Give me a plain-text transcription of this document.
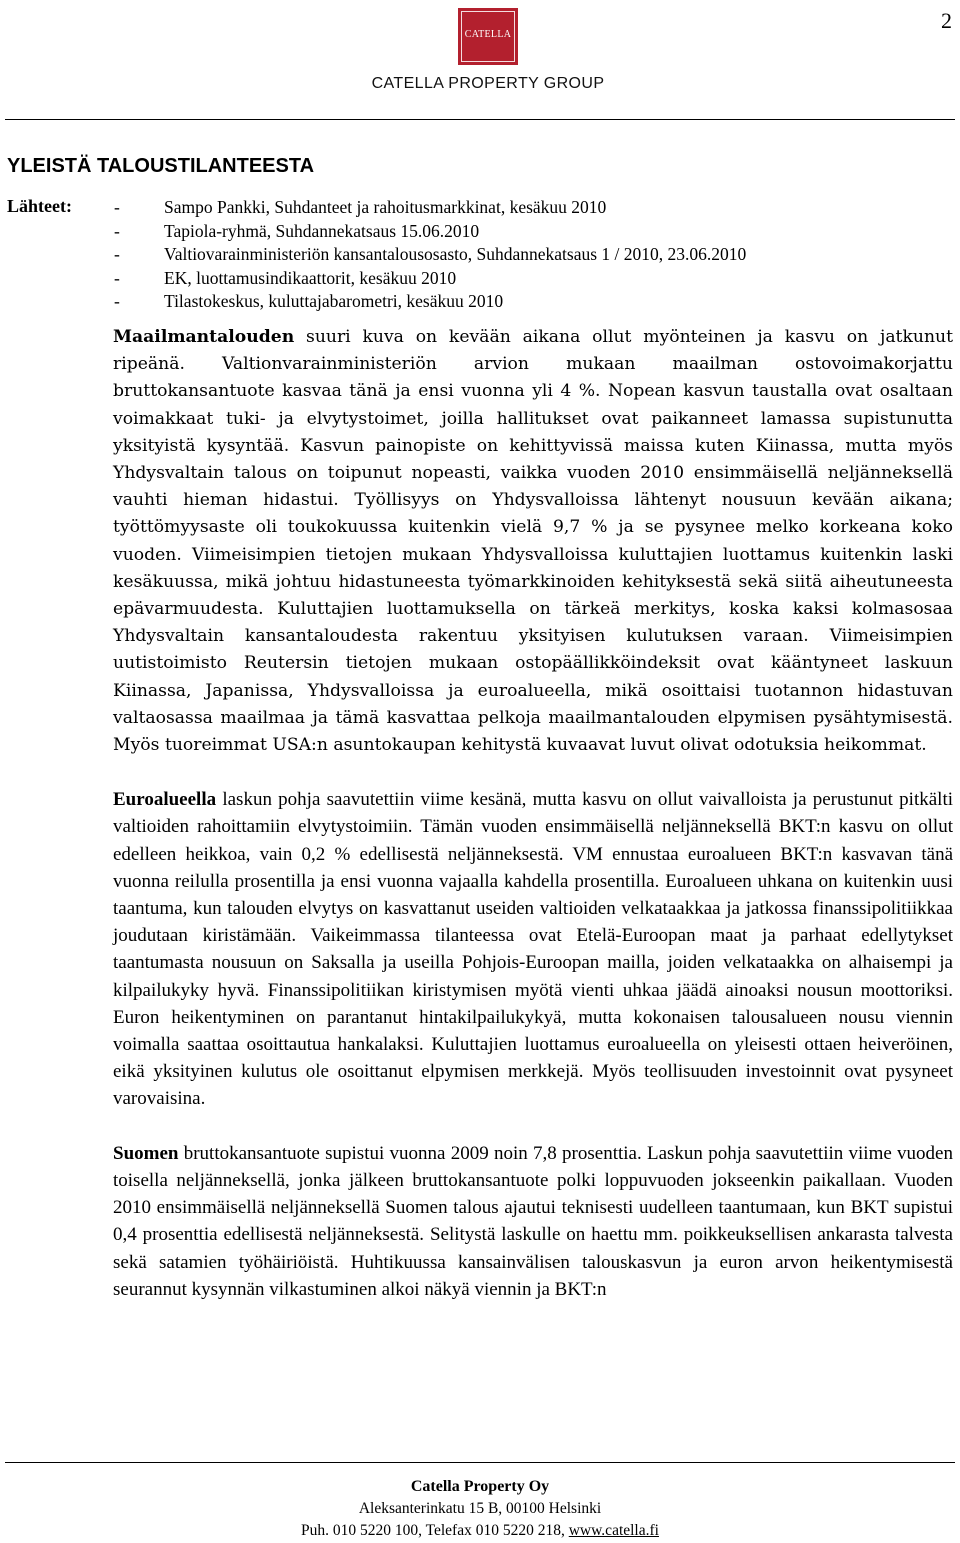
2
CATELLA
CATELLA PROPERTY GROUP
YLEISTÄ TALOUSTILANTEESTA
Lähteet: -	Sampo Pankki, Suhdanteet ja rahoitusmarkkinat, kesäkuu 2010
-	Tapiola-ryhmä, Suhdannekatsaus 15.06.2010
-	Valtiovarainministeriön kansantalousosasto, Suhdannekatsaus 1 / 2010, 23.06.2010
-	EK, luottamusindikaattorit, kesäkuu 2010
-	Tilastokeskus, kuluttajabarometri, kesäkuu 2010

Maailmantalouden suuri kuva on kevään aikana ollut myönteinen ja kasvu on jatkunut ripeänä. Valtionvarainministeriön arvion mukaan maailman ostovoimakorjattu bruttokansantuote kasvaa tänä ja ensi vuonna yli 4 %. Nopean kasvun taustalla ovat osaltaan voimakkaat tuki- ja elvytystoimet, joilla hallitukset ovat paikanneet lamassa supistunutta yksityistä kysyntää. Kasvun painopiste on kehittyvissä maissa kuten Kiinassa, mutta myös Yhdysvaltain talous on toipunut nopeasti, vaikka vuoden 2010 ensimmäisellä neljänneksellä vauhti hieman hidastui. Työllisyys on Yhdysvalloissa lähtenyt nousuun kevään aikana; työttömyysaste oli toukokuussa kuitenkin vielä 9,7 % ja se pysynee melko korkeana koko vuoden. Viimeisimpien tietojen mukaan Yhdysvalloissa kuluttajien luottamus kuitenkin laski kesäkuussa, mikä johtuu hidastuneesta työmarkkinoiden kehityksestä sekä siitä aiheutuneesta epävarmuudesta. Kuluttajien luottamuksella on tärkeä merkitys, koska kaksi kolmasosaa Yhdysvaltain kansantaloudesta rakentuu yksityisen kulutuksen varaan. Viimeisimpien uutistoimisto Reutersin tietojen mukaan ostopäällikköindeksit ovat kääntyneet laskuun Kiinassa, Japanissa, Yhdysvalloissa ja euroalueella, mikä osoittaisi tuotannon hidastuvan valtaosassa maailmaa ja tämä kasvattaa pelkoja maailmantalouden elpymisen pysähtymisestä. Myös tuoreimmat USA:n asuntokaupan kehitystä kuvaavat luvut olivat odotuksia heikommat.

Euroalueella laskun pohja saavutettiin viime kesänä, mutta kasvu on ollut vaivalloista ja perustunut pitkälti valtioiden rahoittamiin elvytystoimiin. Tämän vuoden ensimmäisellä neljänneksellä BKT:n kasvu on ollut edelleen heikkoa, vain 0,2 % edellisestä neljänneksestä. VM ennustaa euroalueen BKT:n kasvavan tänä vuonna reilulla prosentilla ja ensi vuonna vajaalla kahdella prosentilla. Euroalueen uhkana on kuitenkin uusi taantuma, kun talouden elvytys on kasvattanut useiden valtioiden velkataakkaa ja jatkossa finanssipolitiikkaa joudutaan kiristämään. Vaikeimmassa tilanteessa ovat Etelä-Euroopan maat ja parhaat edellytykset taantumasta nousuun on Saksalla ja useilla Pohjois-Euroopan mailla, joiden velkataakka on alhaisempi ja kilpailukyky hyvä. Finanssipolitiikan kiristymisen myötä vienti uhkaa jäädä ainoaksi nousun moottoriksi. Euron heikentyminen on parantanut hintakilpailukykyä, mutta kokonaisen talousalueen nousu viennin voimalla saattaa osoittautua hankalaksi. Kuluttajien luottamus euroalueella on yleisesti ottaen heiveröinen, eikä yksityinen kulutus ole osoittanut elpymisen merkkejä. Myös teollisuuden investoinnit ovat pysyneet varovaisina.

Suomen bruttokansantuote supistui vuonna 2009 noin 7,8 prosenttia. Laskun pohja saavutettiin viime vuoden toisella neljänneksellä, jonka jälkeen bruttokansantuote polki loppuvuoden jokseenkin paikallaan. Vuoden 2010 ensimmäisellä neljänneksellä Suomen talous ajautui teknisesti uudelleen taantumaan, kun BKT supistui 0,4 prosenttia edellisestä neljänneksestä. Selitystä laskulle on haettu mm. poikkeuksellisen ankarasta talvesta sekä satamien työhäiriöistä. Huhtikuussa kansainvälisen talouskasvun ja euron arvon heikentymisestä seurannut kysynnän vilkastuminen alkoi näkyä viennin ja BKT:n

Catella Property Oy
Aleksanterinkatu 15 B, 00100 Helsinki
Puh. 010 5220 100, Telefax 010 5220 218, www.catella.fi
